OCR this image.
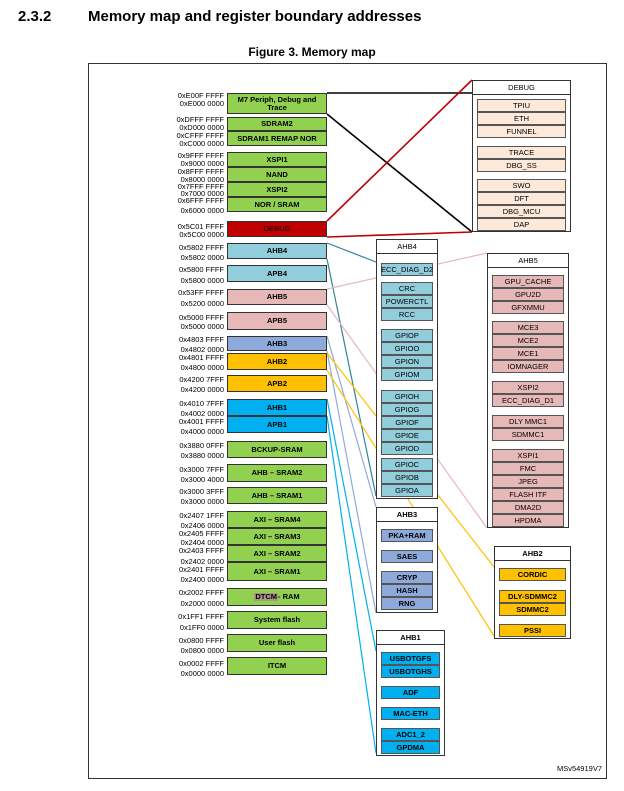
2.3.2 Memory map and register boundary addresses
Figure 3. Memory map
0xE00F FFFF
0xE000 0000
0xDFFF FFFF
0xD000 0000
0xCFFF FFFF
0xC000 0000
0x9FFF FFFF
0x9000 0000
0x8FFF FFFF
0x8000 0000
0x7FFF FFFF
0x7000 0000
0x6FFF FFFF
0x6000 0000
0x5C01 FFFF
0x5C00 0000
0x5802 FFFF
0x5802 0000
0x5800 FFFF
0x5800 0000
0x53FF FFFF
0x5200 0000
0x5000 FFFF
0x5000 0000
0x4803 FFFF
0x4802 0000
0x4801 FFFF
0x4800 0000
0x4200 7FFF
0x4200 0000
0x4010 7FFF
0x4002 0000
0x4001 FFFF
0x4000 0000
0x3880 0FFF
0x3880 0000
0x3000 7FFF
0x3000 4000
0x3000 3FFF
0x3000 0000
0x2407 1FFF
0x2406 0000
0x2405 FFFF
0x2404 0000
0x2403 FFFF
0x2402 0000
0x2401 FFFF
0x2400 0000
0x2002 FFFF
0x2000 0000
0x1FF1 FFFF
0x1FF0 0000
0x0800 FFFF
0x0800 0000
0x0002 FFFF
0x0000 0000
M7 Periph, Debug and Trace
SDRAM2
SDRAM1 REMAP NOR
XSPI1
NAND
XSPI2
NOR / SRAM
DEBUG
AHB4
APB4
AHB5
APB5
AHB3
AHB2
APB2
AHB1
APB1
BCKUP-SRAM
AHB – SRAM2
AHB – SRAM1
AXI – SRAM4
AXI – SRAM3
AXI – SRAM2
AXI – SRAM1
DTCM - RAM
System flash
User flash
ITCM
DEBUG
TPIU
ETH
FUNNEL
TRACE
DBG_SS
SWO
DFT
DBG_MCU
DAP
AHB4
ECC_DIAG_D2
CRC
POWERCTL
RCC
GPIOP
GPIOO
GPION
GPIOM
GPIOH
GPIOG
GPIOF
GPIOE
GPIOD
GPIOC
GPIOB
GPIOA
AHB5
GPU_CACHE
GPU2D
GFXMMU
MCE3
MCE2
MCE1
IOMNAGER
XSPI2
ECC_DIAG_D1
DLY MMC1
SDMMC1
XSPI1
FMC
JPEG
FLASH ITF
DMA2D
HPDMA
AHB3
PKA+RAM
SAES
CRYP
HASH
RNG
AHB2
CORDIC
DLY-SDMMC2
SDMMC2
PSSI
AHB1
USBOTGFS
USBOTGHS
ADF
MAC-ETH
ADC1_2
GPDMA
MSv54919V7
